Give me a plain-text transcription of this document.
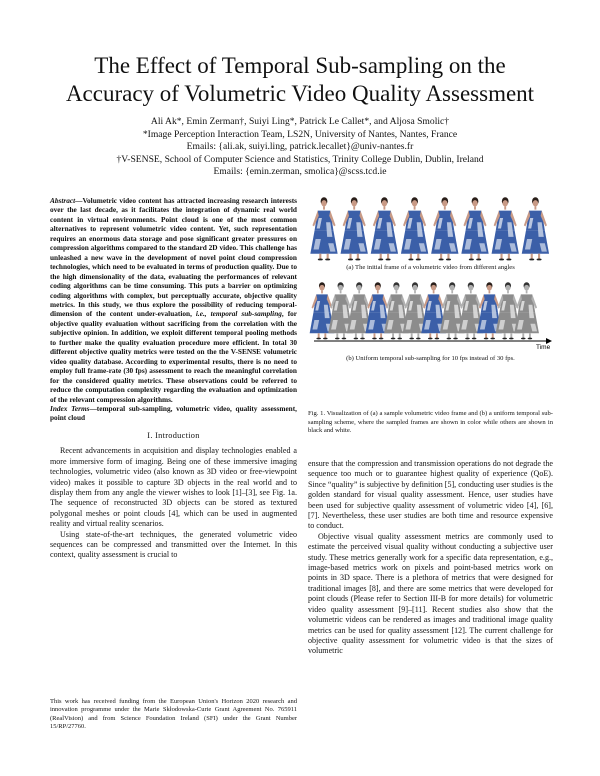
The Effect of Temporal Sub-sampling on the
Accuracy of Volumetric Video Quality Assessment
Ali Ak*, Emin Zerman†, Suiyi Ling*, Patrick Le Callet*, and Aljosa Smolic†
*Image Perception Interaction Team, LS2N, University of Nantes, Nantes, France
Emails: {ali.ak, suiyi.ling, patrick.lecallet}@univ-nantes.fr
†V-SENSE, School of Computer Science and Statistics, Trinity College Dublin, Dublin, Ireland
Emails: {emin.zerman, smolica}@scss.tcd.ie

Abstract—Volumetric video content has attracted increasing research interests over the last decade, as it facilitates the integration of dynamic real world content in virtual environments. Point cloud is one of the most common alternatives to represent volumetric video content. Yet, such representation requires an enormous data storage and pose significant greater pressures on compression algorithms compared to the standard 2D video. This challenge has unleashed a new wave in the development of novel point cloud compression technologies, which need to be evaluated in terms of production quality. Due to the high dimensionality of the data, evaluating the performances of relevant coding algorithms can be time consuming. This puts a barrier on optimizing coding algorithms with complex, but perceptually accurate, objective quality metrics. In this study, we thus explore the possibility of reducing temporal-dimension of the content under-evaluation, i.e., temporal sub-sampling, for objective quality evaluation without sacrificing from the correlation with the subjective opinion. In addition, we exploit different temporal pooling methods to further make the quality evaluation procedure more efficient. In total 30 different objective quality metrics were tested on the the V-SENSE volumetric video quality database. According to experimental results, there is no need to employ full frame-rate (30 fps) assessment to reach the meaningful correlation for the considered quality metrics. These observations could be referred to reduce the computation complexity regarding the evaluation and optimization of the relevant compression algorithms.

Index Terms—temporal sub-sampling, volumetric video, quality assessment, point cloud

I. Introduction

Recent advancements in acquisition and display technologies enabled a more immersive form of imaging. Being one of these immersive imaging technologies, volumetric video (also known as 3D video or free-viewpoint video) makes it possible to capture 3D objects in the real world and to display them from any angle the viewer wishes to look [1]–[3], see Fig. 1a. The sequence of reconstructed 3D objects can be stored as textured polygonal meshes or point clouds [4], which can be used in augmented reality and virtual reality scenarios.

Using state-of-the-art techniques, the generated volumetric video sequences can be compressed and transmitted over the Internet. In this context, quality assessment is crucial to

This work has received funding from the European Union's Horizon 2020 research and innovation programme under the Marie Skłodowska-Curie Grant Agreement No. 765911 (RealVision) and from Science Foundation Ireland (SFI) under the Grant Number 15/RP/27760.
(a) The initial frame of a volumetric video from different angles
Time
(b) Uniform temporal sub-sampling for 10 fps instead of 30 fps.
Fig. 1. Visualization of (a) a sample volumetric video frame and (b) a uniform temporal sub-sampling scheme, where the sampled frames are shown in color while others are shown in black and white.

ensure that the compression and transmission operations do not degrade the sequence too much or to guarantee highest quality of experience (QoE). Since “quality” is subjective by definition [5], conducting user studies is the golden standard for visual quality assessment. Hence, user studies have been used for subjective quality assessment of volumetric video [4], [6], [7]. Nevertheless, these user studies are both time and resource expensive to conduct.

Objective visual quality assessment metrics are commonly used to estimate the perceived visual quality without conducting a subjective user study. These metrics generally work for a specific data representation, e.g., image-based metrics work on pixels and point-based metrics work on points in 3D space. There is a plethora of metrics that were designed for traditional images [8], and there are some metrics that were developed for point clouds (Please refer to Section III-B for more details) for volumetric video quality assessment [9]–[11]. Recent studies also show that the volumetric videos can be rendered as images and traditional image quality metrics can be used for quality assessment [12]. The current challenge for objective quality assessment for volumetric video is that the sizes of volumetric
